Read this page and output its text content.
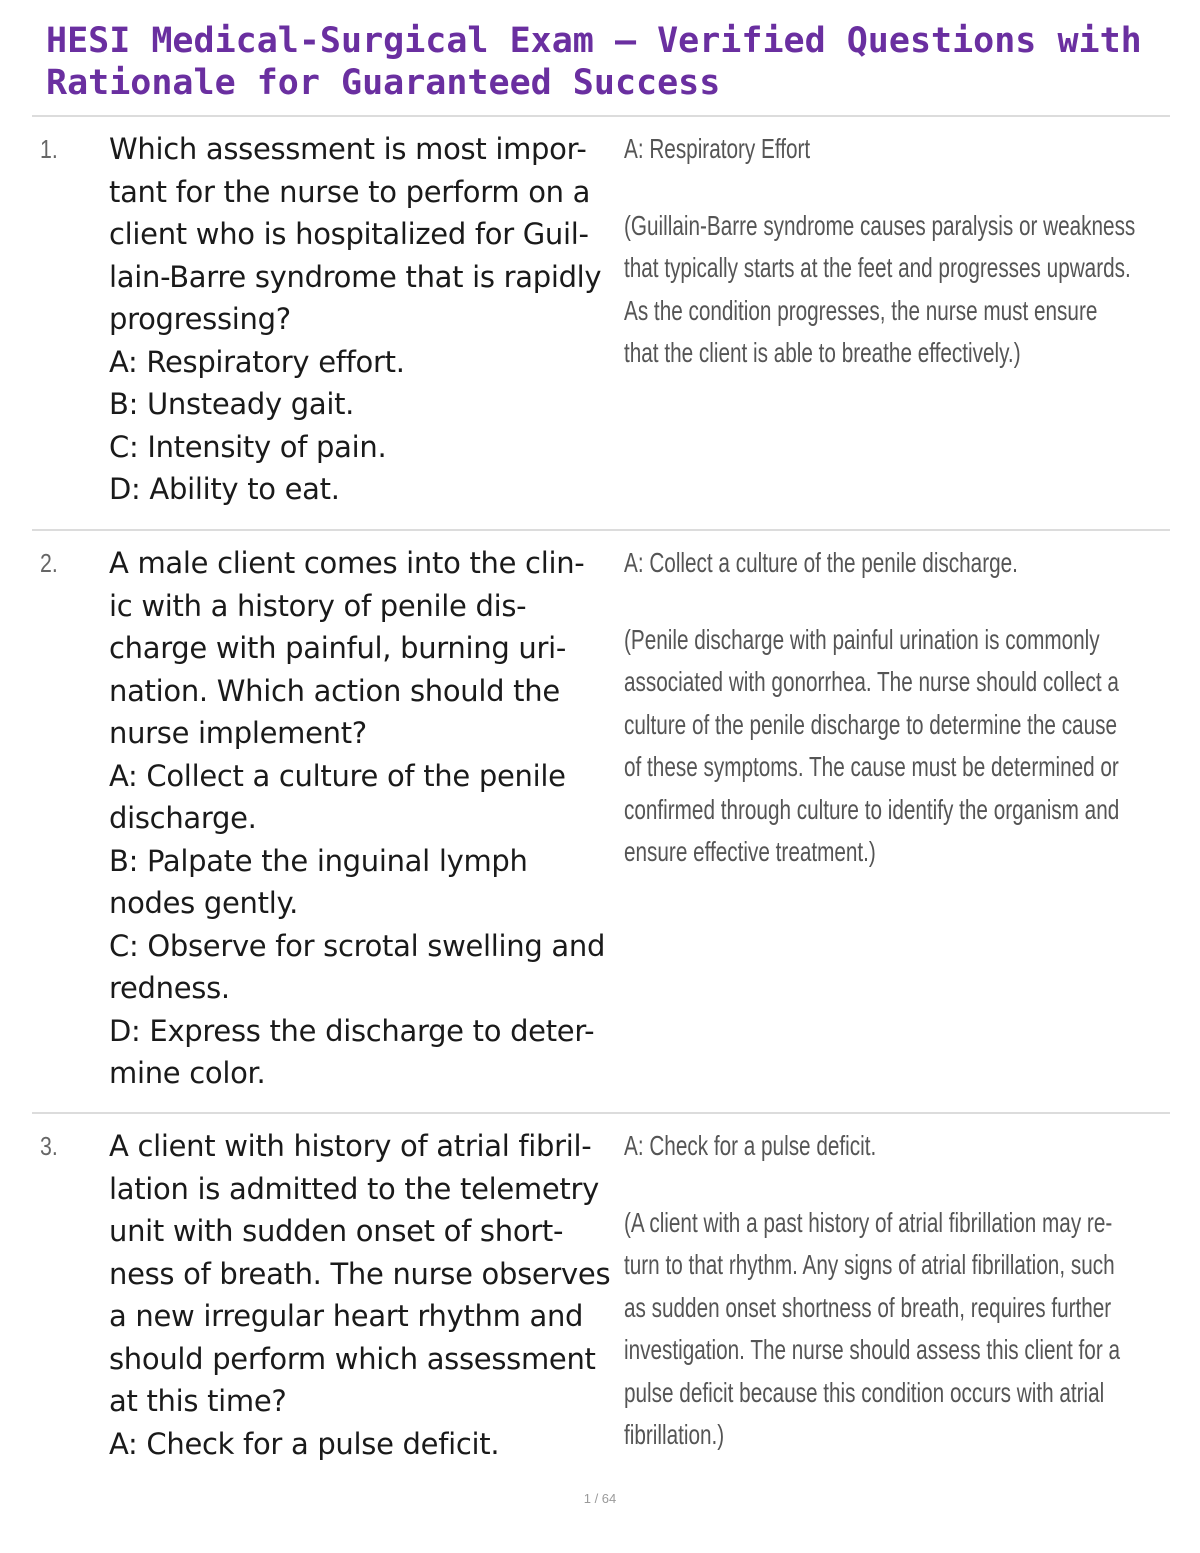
HESI Medical-Surgical Exam – Verified Questions with
Rationale for Guaranteed Success
1. Which assessment is most impor-
tant for the nurse to perform on a
client who is hospitalized for Guil-
lain-Barre syndrome that is rapidly
progressing?
A: Respiratory effort.
B: Unsteady gait.
C: Intensity of pain.
D: Ability to eat.
A: Respiratory Effort
(Guillain-Barre syndrome causes paralysis or weakness
that typically starts at the feet and progresses upwards.
As the condition progresses, the nurse must ensure
that the client is able to breathe effectively.)
2. A male client comes into the clin-
ic with a history of penile dis-
charge with painful, burning uri-
nation. Which action should the
nurse implement?
A: Collect a culture of the penile
discharge.
B: Palpate the inguinal lymph
nodes gently.
C: Observe for scrotal swelling and
redness.
D: Express the discharge to deter-
mine color.
A: Collect a culture of the penile discharge.
(Penile discharge with painful urination is commonly
associated with gonorrhea. The nurse should collect a
culture of the penile discharge to determine the cause
of these symptoms. The cause must be determined or
confirmed through culture to identify the organism and
ensure effective treatment.)
3. A client with history of atrial fibril-
lation is admitted to the telemetry
unit with sudden onset of short-
ness of breath. The nurse observes
a new irregular heart rhythm and
should perform which assessment
at this time?
A: Check for a pulse deficit.
A: Check for a pulse deficit.
(A client with a past history of atrial fibrillation may re-
turn to that rhythm. Any signs of atrial fibrillation, such
as sudden onset shortness of breath, requires further
investigation. The nurse should assess this client for a
pulse deficit because this condition occurs with atrial
fibrillation.)
1 / 64
